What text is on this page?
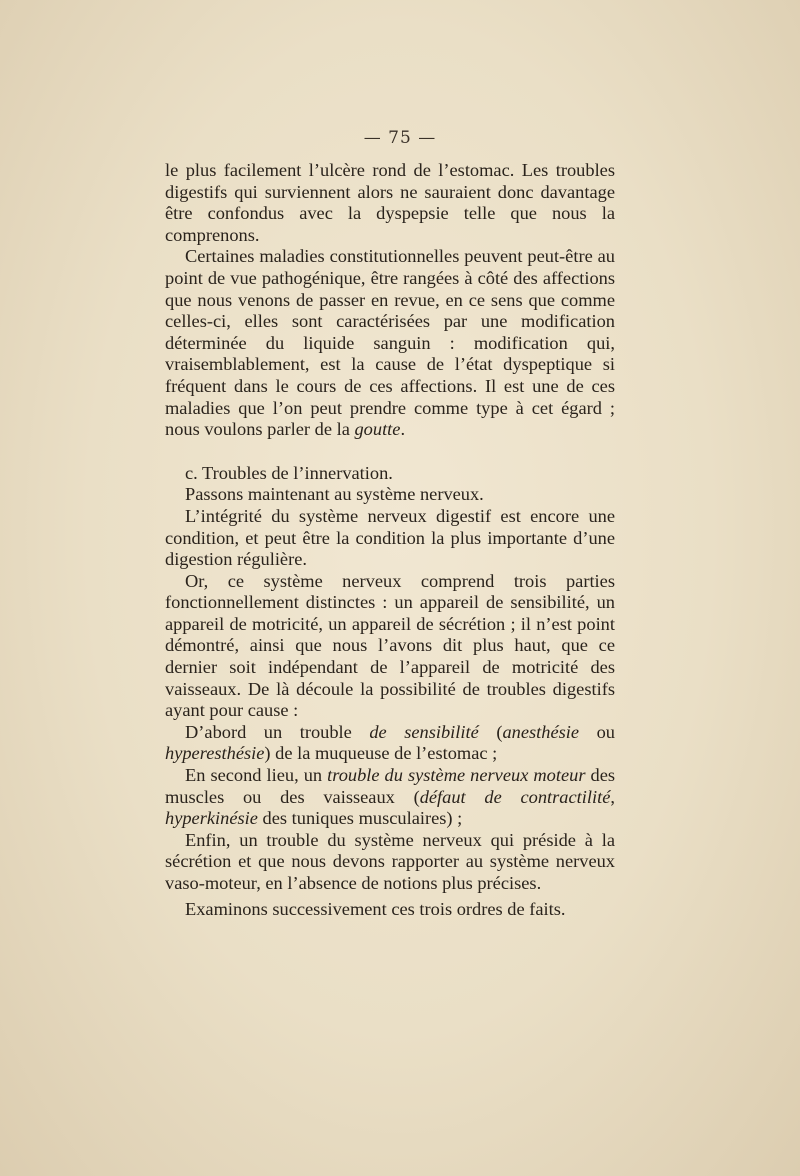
— 75 —

le plus facilement l’ulcère rond de l’estomac. Les troubles digestifs qui surviennent alors ne sauraient donc davantage être confondus avec la dyspepsie telle que nous la comprenons.

Certaines maladies constitutionnelles peuvent peut-être au point de vue pathogénique, être rangées à côté des affections que nous venons de passer en revue, en ce sens que comme celles-ci, elles sont caractérisées par une modification déterminée du liquide sanguin : modification qui, vraisemblablement, est la cause de l’état dyspeptique si fréquent dans le cours de ces affections. Il est une de ces maladies que l’on peut prendre comme type à cet égard ; nous voulons parler de la goutte.

c. Troubles de l’innervation.

Passons maintenant au système nerveux.

L’intégrité du système nerveux digestif est encore une condition, et peut être la condition la plus importante d’une digestion régulière.

Or, ce système nerveux comprend trois parties fonctionnellement distinctes : un appareil de sensibilité, un appareil de motricité, un appareil de sécrétion ; il n’est point démontré, ainsi que nous l’avons dit plus haut, que ce dernier soit indépendant de l’appareil de motricité des vaisseaux. De là découle la possibilité de troubles digestifs ayant pour cause :

D’abord un trouble de sensibilité (anesthésie ou hyperesthésie) de la muqueuse de l’estomac ;

En second lieu, un trouble du système nerveux moteur des muscles ou des vaisseaux (défaut de contractilité, hyperkinésie des tuniques musculaires) ;

Enfin, un trouble du système nerveux qui préside à la sécrétion et que nous devons rapporter au système nerveux vaso-moteur, en l’absence de notions plus précises.

Examinons successivement ces trois ordres de faits.
